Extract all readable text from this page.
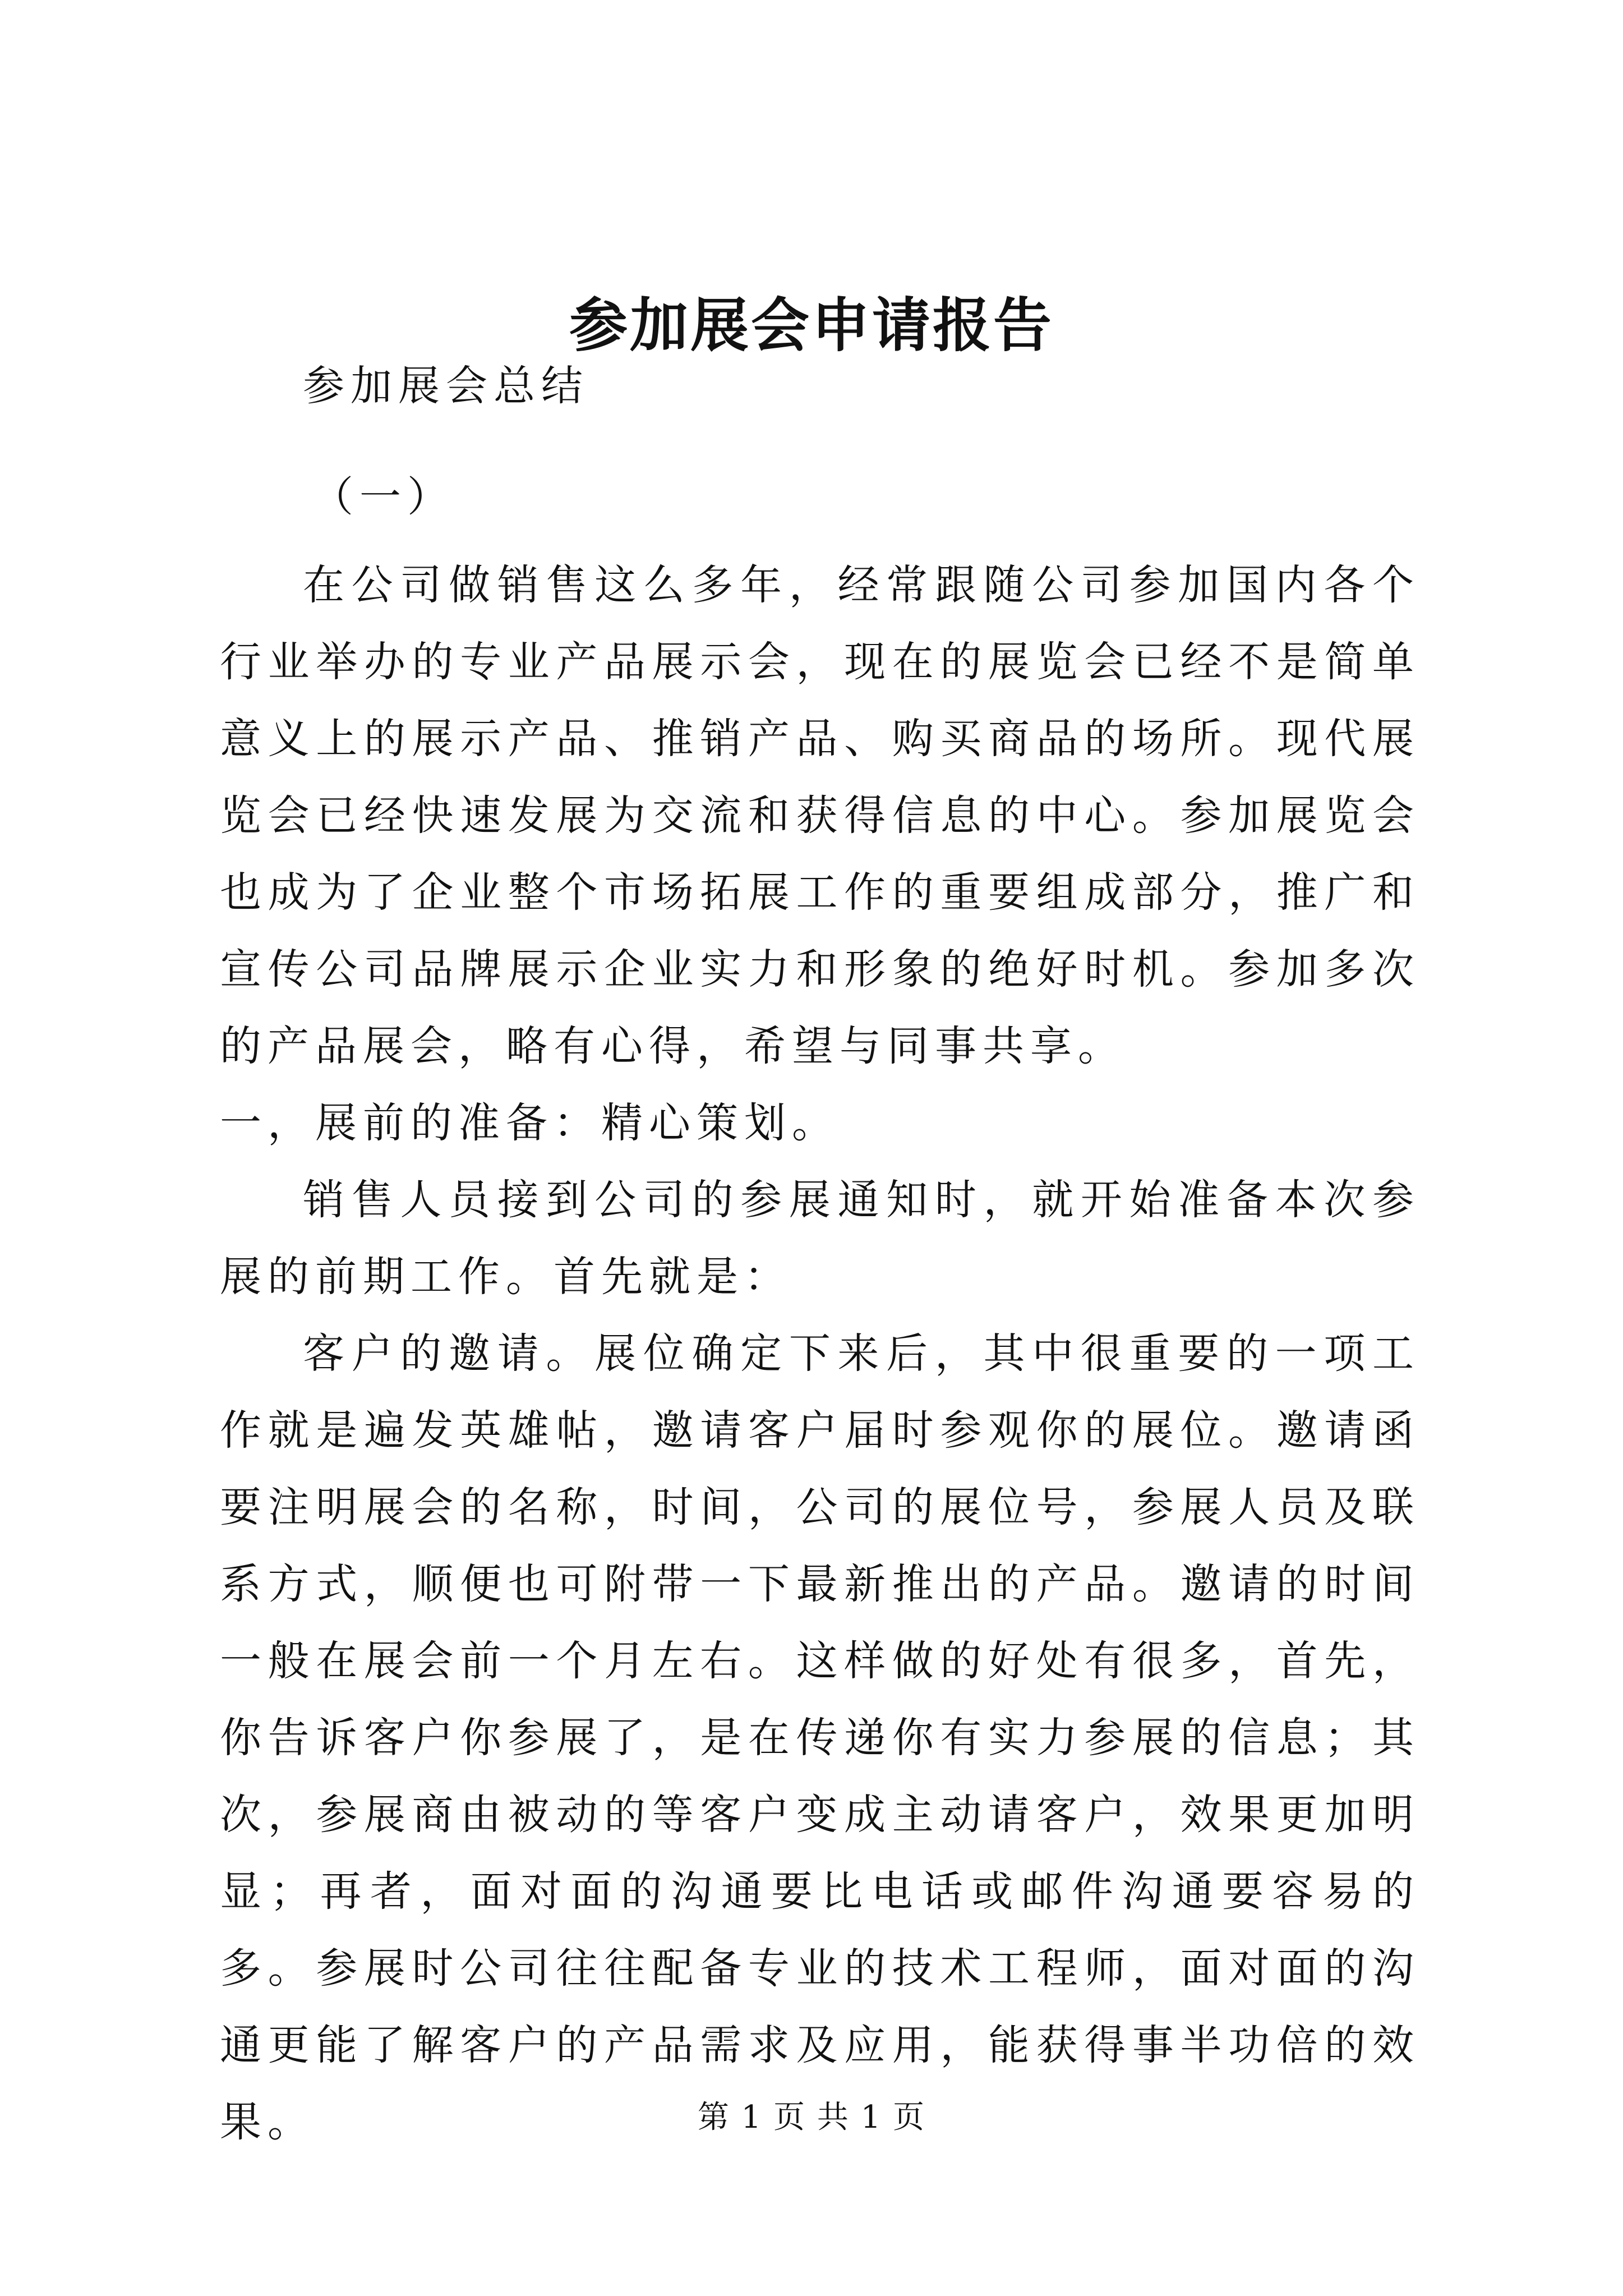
参加展会申请报告
参加展会总结
（一）

在公司做销售这么多年，经常跟随公司参加国内各个行业举办的专业产品展示会，现在的展览会已经不是简单意义上的展示产品、推销产品、购买商品的场所。现代展览会已经快速发展为交流和获得信息的中心。参加展览会也成为了企业整个市场拓展工作的重要组成部分，推广和宣传公司品牌展示企业实力和形象的绝好时机。参加多次的产品展会，略有心得，希望与同事共享。

一，展前的准备：精心策划。

销售人员接到公司的参展通知时，就开始准备本次参展的前期工作。首先就是：

客户的邀请。展位确定下来后，其中很重要的一项工作就是遍发英雄帖，邀请客户届时参观你的展位。邀请函要注明展会的名称，时间，公司的展位号，参展人员及联系方式，顺便也可附带一下最新推出的产品。邀请的时间一般在展会前一个月左右。这样做的好处有很多，首先，你告诉客户你参展了，是在传递你有实力参展的信息；其次，参展商由被动的等客户变成主动请客户，效果更加明显；再者，面对面的沟通要比电话或邮件沟通要容易的多。参展时公司往往配备专业的技术工程师，面对面的沟通更能了解客户的产品需求及应用，能获得事半功倍的效果。	第 1 页 共 1 页
